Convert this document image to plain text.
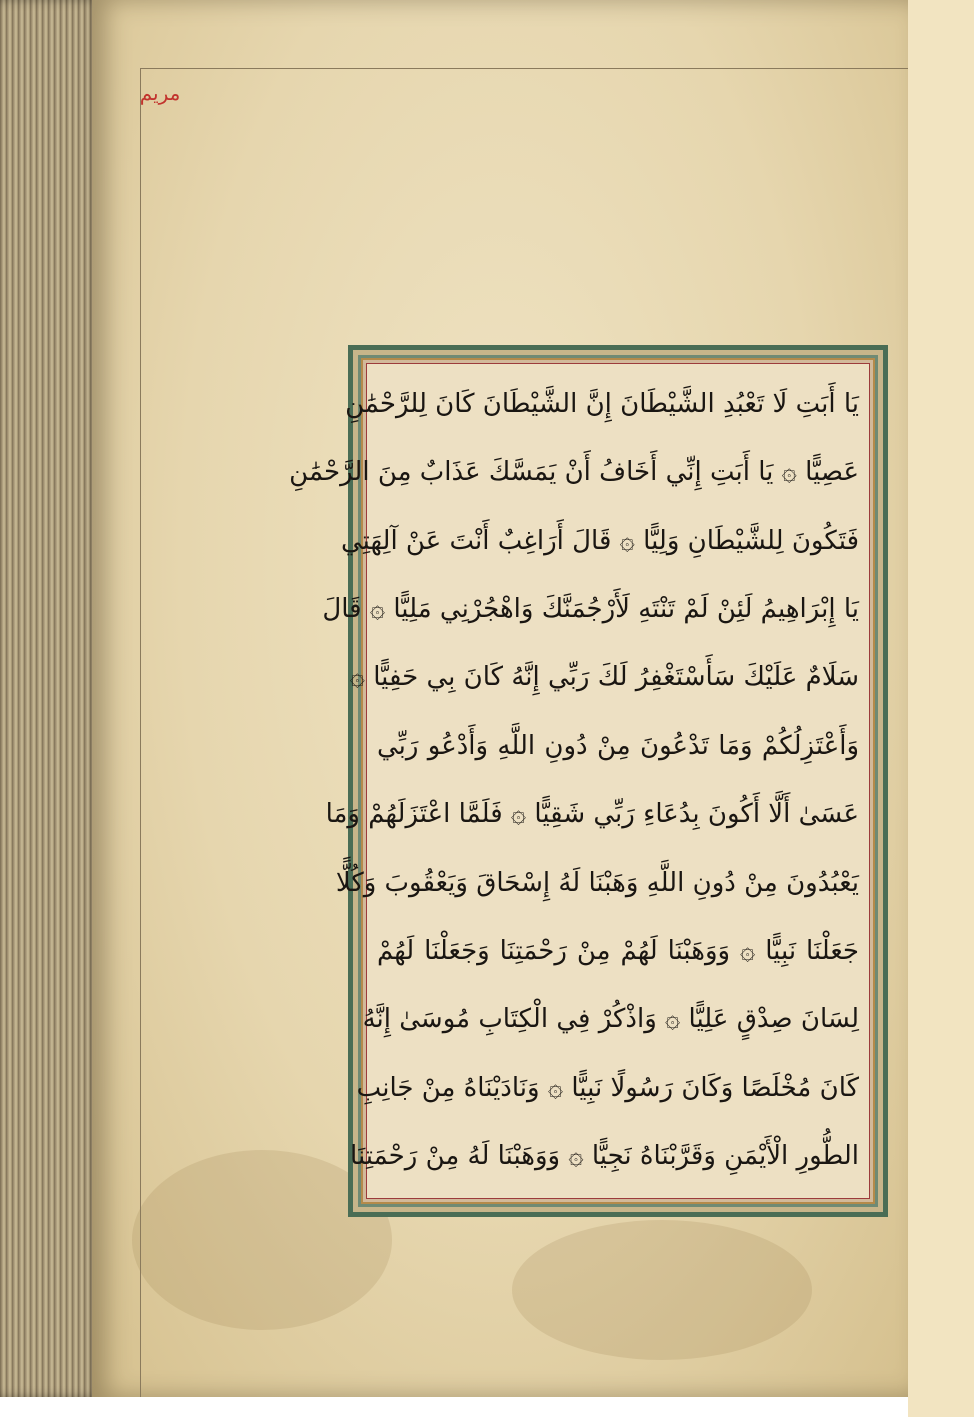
مريم
يَا أَبَتِ لَا تَعْبُدِ الشَّيْطَانَ إِنَّ الشَّيْطَانَ كَانَ لِلرَّحْمَٰنِ
عَصِيًّا ۞ يَا أَبَتِ إِنِّي أَخَافُ أَنْ يَمَسَّكَ عَذَابٌ مِنَ الرَّحْمَٰنِ
فَتَكُونَ لِلشَّيْطَانِ وَلِيًّا ۞ قَالَ أَرَاغِبٌ أَنْتَ عَنْ آلِهَتِي
يَا إِبْرَاهِيمُ لَئِنْ لَمْ تَنْتَهِ لَأَرْجُمَنَّكَ وَاهْجُرْنِي مَلِيًّا ۞ قَالَ
سَلَامٌ عَلَيْكَ سَأَسْتَغْفِرُ لَكَ رَبِّي إِنَّهُ كَانَ بِي حَفِيًّا ۞
وَأَعْتَزِلُكُمْ وَمَا تَدْعُونَ مِنْ دُونِ اللَّهِ وَأَدْعُو رَبِّي
عَسَىٰ أَلَّا أَكُونَ بِدُعَاءِ رَبِّي شَقِيًّا ۞ فَلَمَّا اعْتَزَلَهُمْ وَمَا
يَعْبُدُونَ مِنْ دُونِ اللَّهِ وَهَبْنَا لَهُ إِسْحَاقَ وَيَعْقُوبَ وَكُلًّا
جَعَلْنَا نَبِيًّا ۞ وَوَهَبْنَا لَهُمْ مِنْ رَحْمَتِنَا وَجَعَلْنَا لَهُمْ
لِسَانَ صِدْقٍ عَلِيًّا ۞ وَاذْكُرْ فِي الْكِتَابِ مُوسَىٰ إِنَّهُ
كَانَ مُخْلَصًا وَكَانَ رَسُولًا نَبِيًّا ۞ وَنَادَيْنَاهُ مِنْ جَانِبِ
الطُّورِ الْأَيْمَنِ وَقَرَّبْنَاهُ نَجِيًّا ۞ وَوَهَبْنَا لَهُ مِنْ رَحْمَتِنَا
